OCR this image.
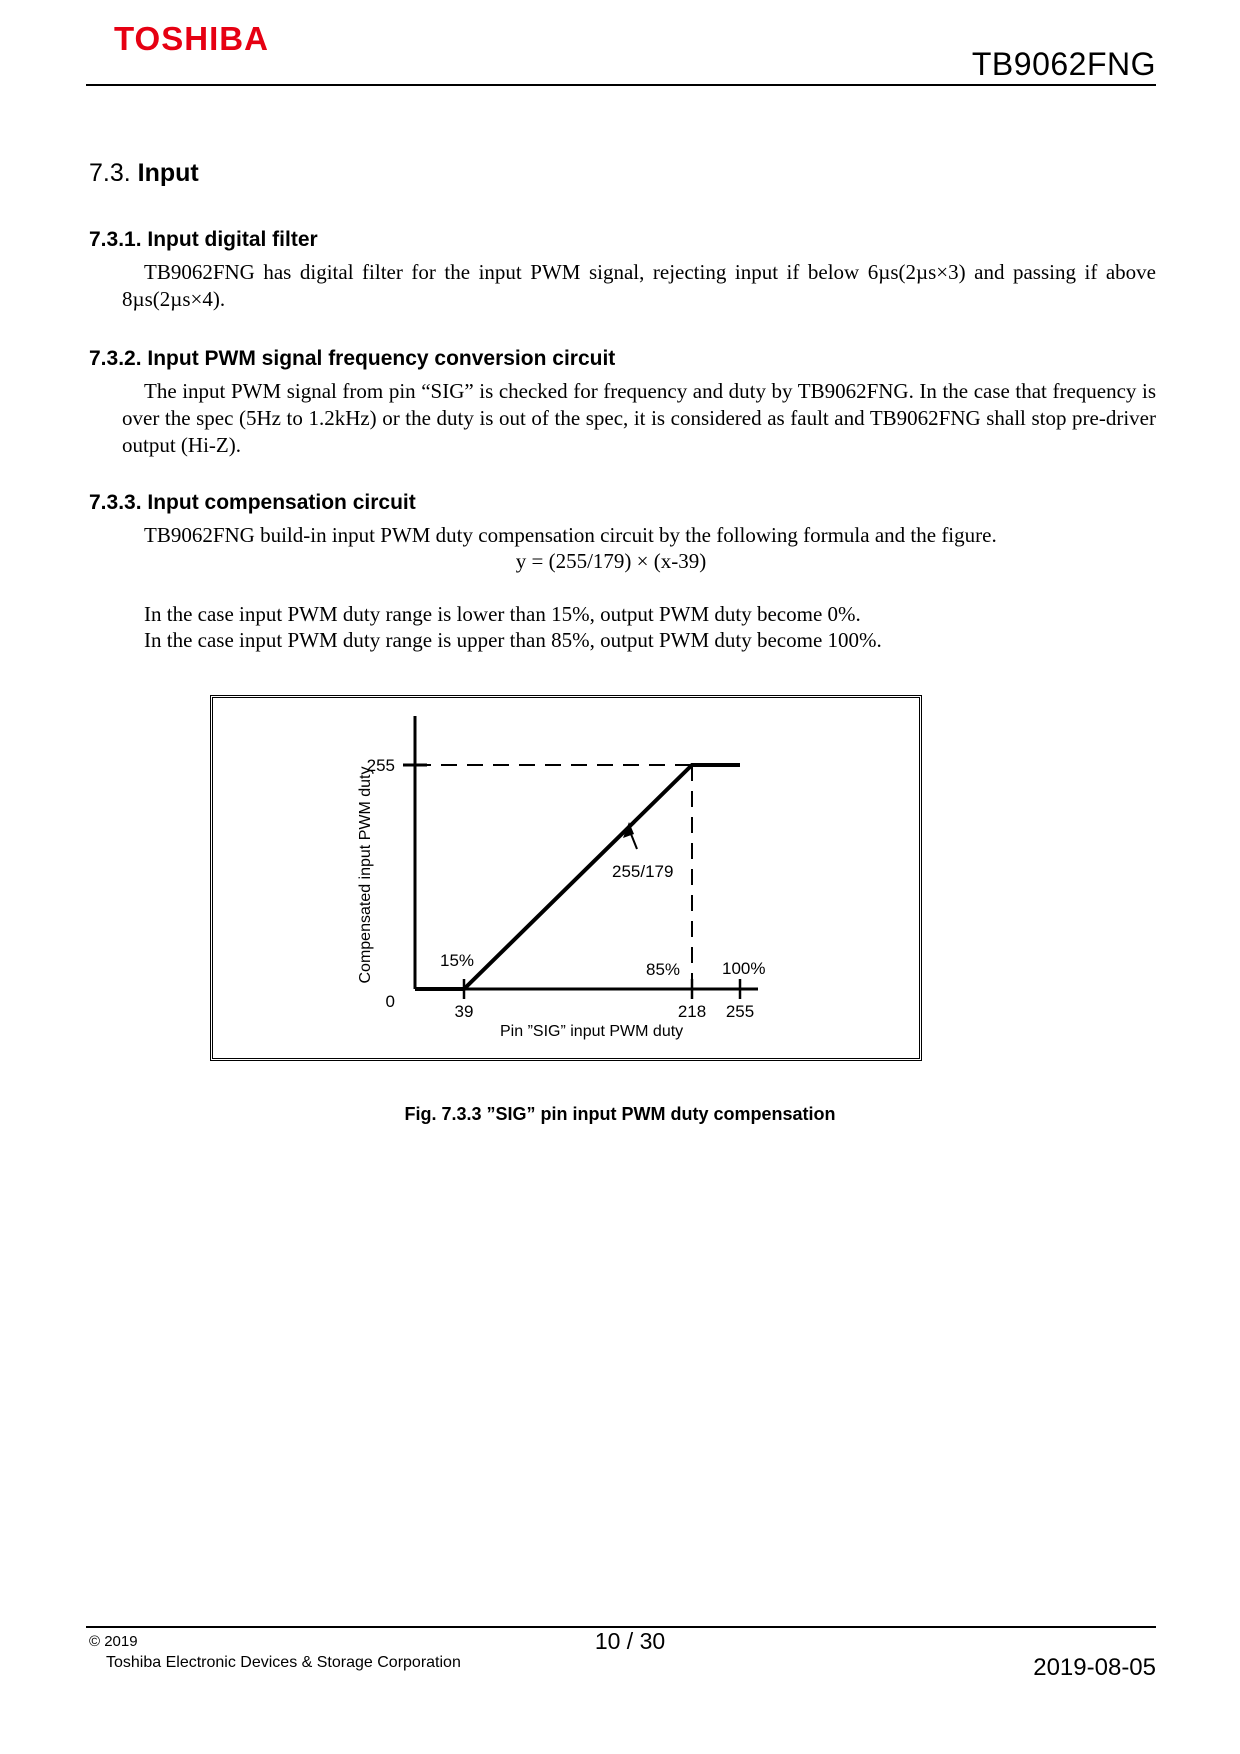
TOSHIBA
TB9062FNG
7.3. Input
7.3.1. Input digital filter
TB9062FNG has digital filter for the input PWM signal, rejecting input if below 6µs(2µs×3) and passing if above 8µs(2µs×4).
7.3.2. Input PWM signal frequency conversion circuit
The input PWM signal from pin “SIG” is checked for frequency and duty by TB9062FNG. In the case that frequency is over the spec (5Hz to 1.2kHz) or the duty is out of the spec, it is considered as fault and TB9062FNG shall stop pre-driver output (Hi-Z).
7.3.3. Input compensation circuit
TB9062FNG build-in input PWM duty compensation circuit by the following formula and the figure.
y = (255/179) × (x-39)
In the case input PWM duty range is lower than 15%, output PWM duty become 0%.
In the case input PWM duty range is upper than 85%, output PWM duty become 100%.
39	218 255
255
0
255/179
15%	85% 100%
Pin ”SIG” input PWM duty
Compensated input PWM duty
Fig. 7.3.3 ”SIG” pin input PWM duty compensation
© 2019
Toshiba Electronic Devices & Storage Corporation
10 / 30
2019-08-05
